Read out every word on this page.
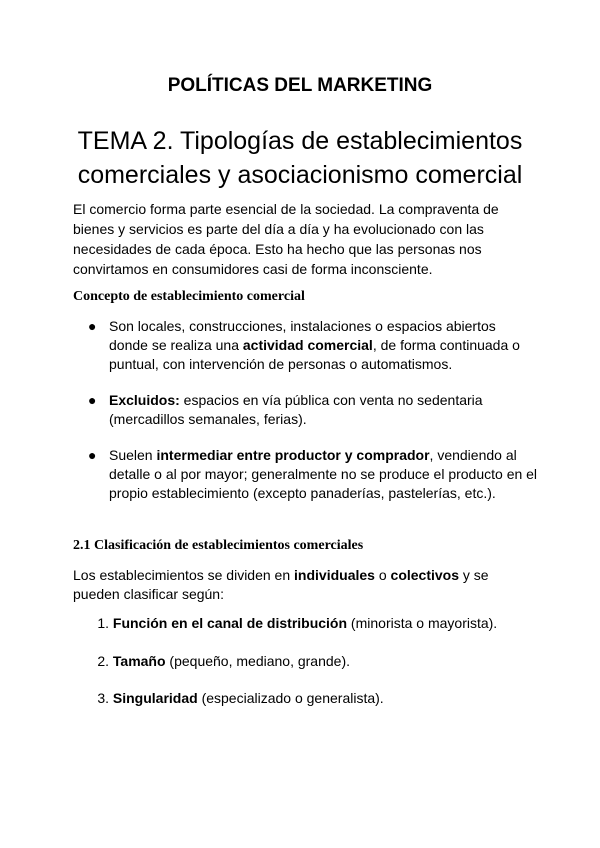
POLÍTICAS DEL MARKETING
TEMA 2. Tipologías de establecimientos
comerciales y asociacionismo comercial
El comercio forma parte esencial de la sociedad. La compraventa de bienes y servicios es parte del día a día y ha evolucionado con las necesidades de cada época. Esto ha hecho que las personas nos convirtamos en consumidores casi de forma inconsciente.
Concepto de establecimiento comercial
● Son locales, construcciones, instalaciones o espacios abiertos donde se realiza una actividad comercial, de forma continuada o puntual, con intervención de personas o automatismos.
● Excluidos: espacios en vía pública con venta no sedentaria (mercadillos semanales, ferias).
● Suelen intermediar entre productor y comprador, vendiendo al detalle o al por mayor; generalmente no se produce el producto en el propio establecimiento (excepto panaderías, pastelerías, etc.).
2.1 Clasificación de establecimientos comerciales
Los establecimientos se dividen en individuales o colectivos y se pueden clasificar según:
1. Función en el canal de distribución (minorista o mayorista).
2. Tamaño (pequeño, mediano, grande).
3. Singularidad (especializado o generalista).
